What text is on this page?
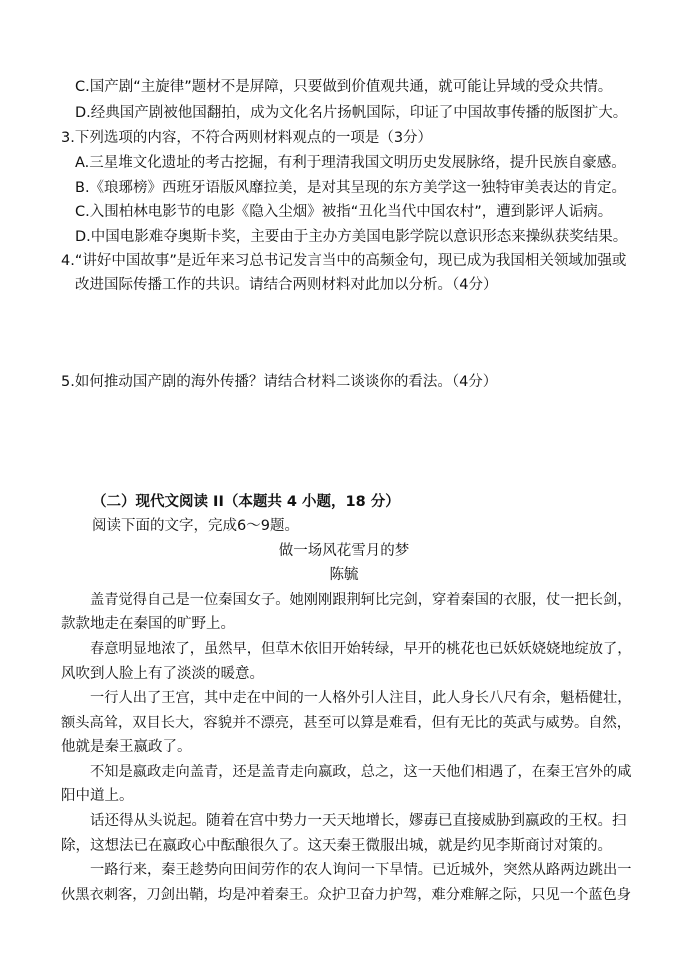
C.国产剧“主旋律”题材不是屏障，只要做到价值观共通，就可能让异域的受众共情。
D.经典国产剧被他国翻拍，成为文化名片扬帆国际，印证了中国故事传播的版图扩大。
3.下列选项的内容，不符合两则材料观点的一项是（3分）
A.三星堆文化遗址的考古挖掘，有利于理清我国文明历史发展脉络，提升民族自豪感。
B.《琅琊榜》西班牙语版风靡拉美，是对其呈现的东方美学这一独特审美表达的肯定。
C.入围柏林电影节的电影《隐入尘烟》被指“丑化当代中国农村”，遭到影评人诟病。
D.中国电影难夺奥斯卡奖，主要由于主办方美国电影学院以意识形态来操纵获奖结果。
4.“讲好中国故事”是近年来习总书记发言当中的高频金句，现已成为我国相关领域加强或
改进国际传播工作的共识。请结合两则材料对此加以分析。（4分）
5.如何推动国产剧的海外传播？请结合材料二谈谈你的看法。（4分）
（二）现代文阅读 II（本题共 4 小题，18 分）
阅读下面的文字，完成6～9题。
做一场风花雪月的梦
陈毓
盖青觉得自己是一位秦国女子。她刚刚跟荆轲比完剑，穿着秦国的衣服，仗一把长剑，
款款地走在秦国的旷野上。
春意明显地浓了，虽然早，但草木依旧开始转绿，早开的桃花也已妖妖娆娆地绽放了，
风吹到人脸上有了淡淡的暖意。
一行人出了王宫，其中走在中间的一人格外引人注目，此人身长八尺有余，魁梧健壮，
额头高耸，双目长大，容貌并不漂亮，甚至可以算是难看，但有无比的英武与威势。自然，
他就是秦王嬴政了。
不知是嬴政走向盖青，还是盖青走向嬴政，总之，这一天他们相遇了，在秦王宫外的咸
阳中道上。
话还得从头说起。随着在宫中势力一天天地增长，嫪毐已直接威胁到嬴政的王权。扫
除，这想法已在嬴政心中酝酿很久了。这天秦王微服出城，就是约见李斯商讨对策的。
一路行来，秦王趁势向田间劳作的农人询问一下旱情。已近城外，突然从路两边跳出一
伙黑衣刺客，刀剑出鞘，均是冲着秦王。众护卫奋力护驾，难分难解之际，只见一个蓝色身
